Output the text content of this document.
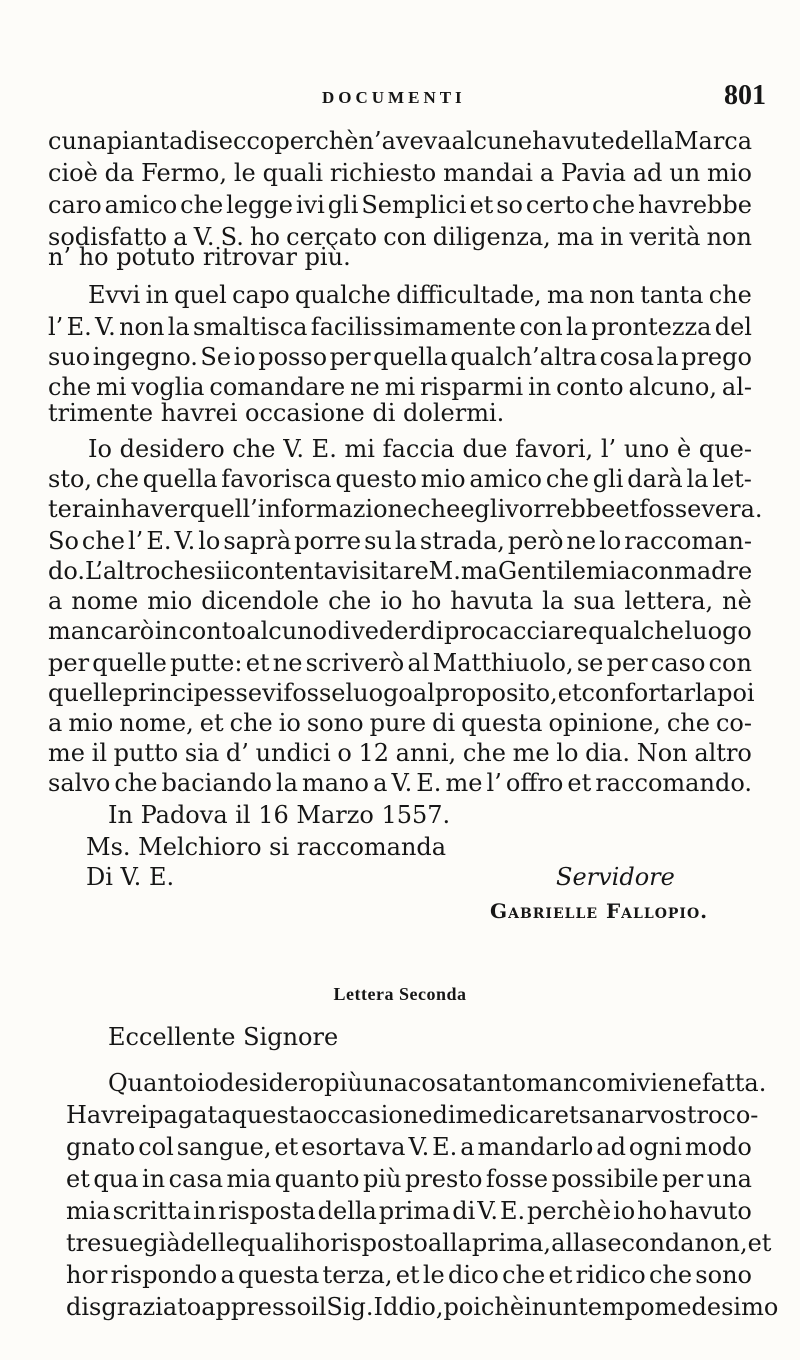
DOCUMENTI	801
cuna pianta di secco perchè n’ aveva alcune havute della Marca
cioè da Fermo, le quali richiesto mandai a Pavia ad un mio
caro amico che legge ivi gli Semplici et so certo che havrebbe
sodisfatto a V. S. ho cercato con diligenza, ma in verità non
n’ ho potuto ritrovar più.
Evvi in quel capo qualche difficultade, ma non tanta che
l’ E. V. non la smaltisca facilissimamente con la prontezza del
suo ingegno. Se io posso per quella qualch’altra cosa la prego
che mi voglia comandare ne mi risparmi in conto alcuno, al-
trimente havrei occasione di dolermi.
Io desidero che V. E. mi faccia due favori, l’ uno è que-
sto, che quella favorisca questo mio amico che gli darà la let-
tera in haver quell’informazione che egli vorrebbe et fosse vera.
So che l’ E. V. lo saprà porre su la strada, però ne lo raccoman-
do. L’altro che sii contenta visitare M.ma Gentile mia conmadre
a nome mio dicendole che io ho havuta la sua lettera, nè
mancarò in conto alcuno di veder di procacciare qualche luogo
per quelle putte: et ne scriverò al Matthiuolo, se per caso con
quelle principesse vi fosse luogo al proposito, et confortarla poi
a mio nome, et che io sono pure di questa opinione, che co-
me il putto sia d’ undici o 12 anni, che me lo dia. Non altro
salvo che baciando la mano a V. E. me l’ offro et raccomando.
In Padova il 16 Marzo 1557.
Ms. Melchioro si raccomanda
Di V. E.	Servidore
Gabrielle Fallopio.
Lettera Seconda
Eccellente Signore
Quanto io desidero più una cosa tanto manco mi viene fatta.
Havrei pagata questa occasione di medicar et sanar vostro co-
gnato col sangue, et esortava V. E. a mandarlo ad ogni modo
et qua in casa mia quanto più presto fosse possibile per una
mia scritta in risposta della prima di V. E. perchè io ho havuto
tre sue già delle quali ho risposto alla prima, alla seconda non, et
hor rispondo a questa terza, et le dico che et ridico che sono
disgraziato appresso il Sig. Iddio, poichè in un tempo medesimo
